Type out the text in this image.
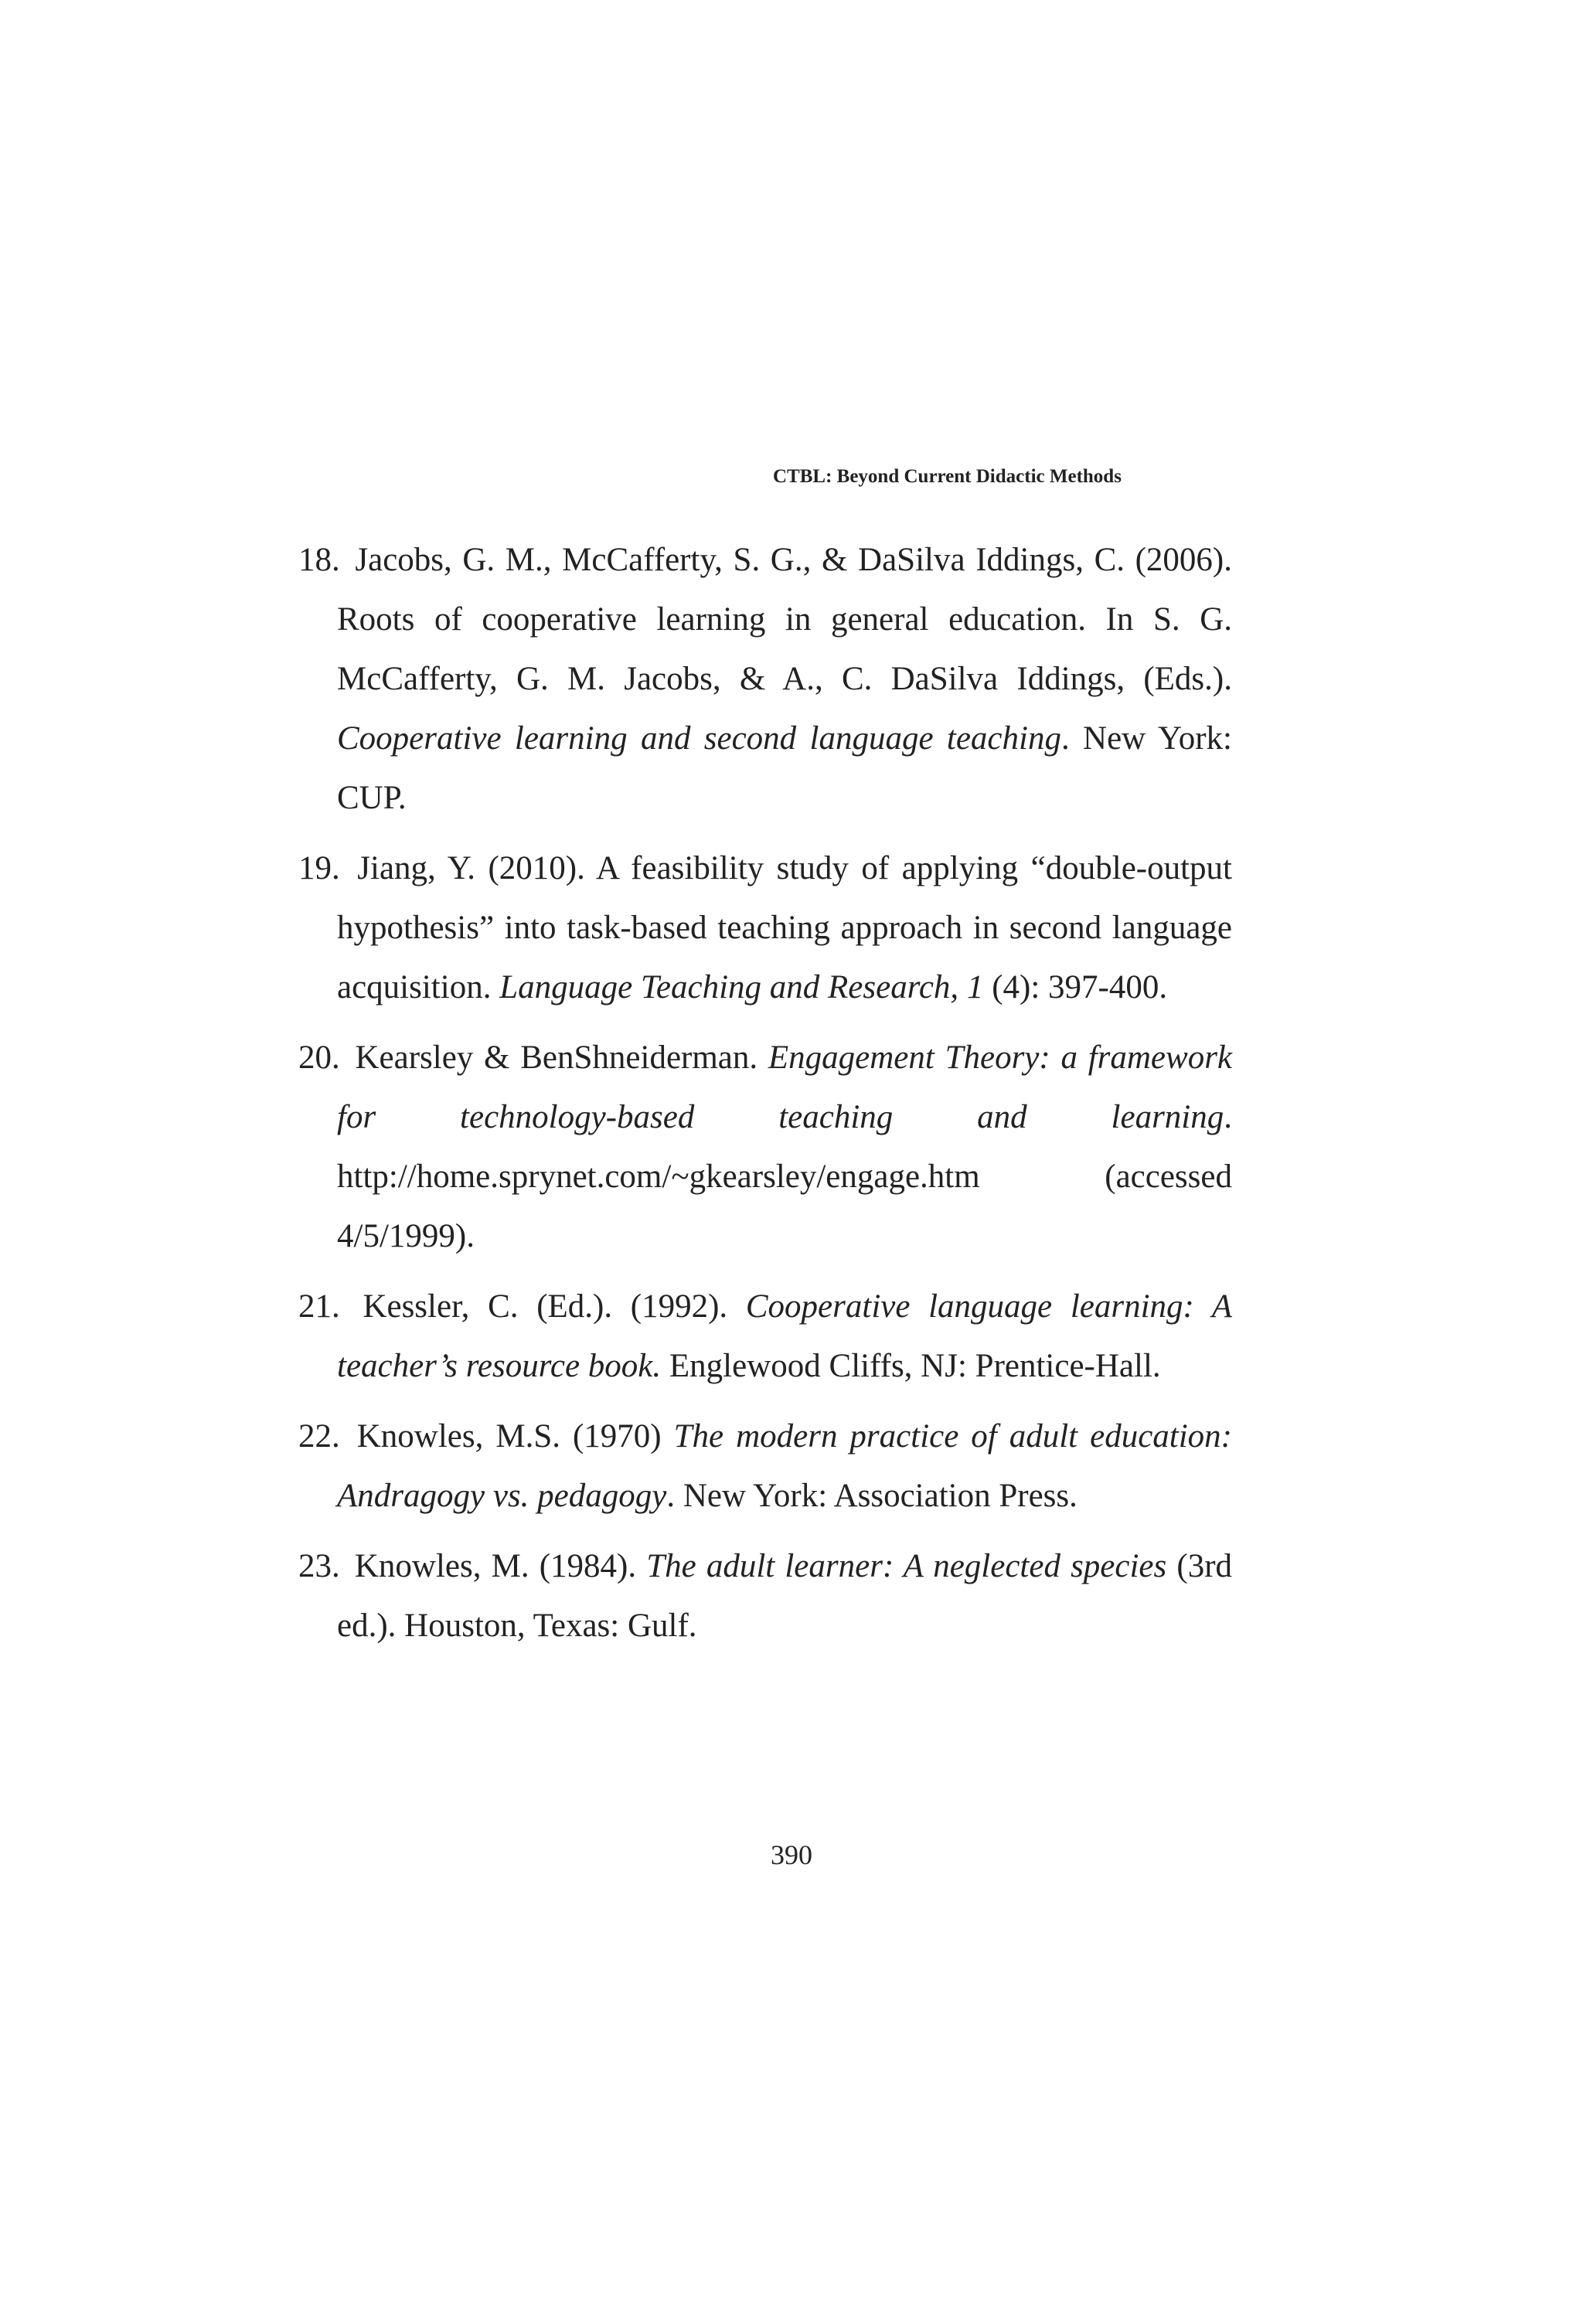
CTBL: Beyond Current Didactic Methods
18. Jacobs, G. M., McCafferty, S. G., & DaSilva Iddings, C. (2006). Roots of cooperative learning in general education. In S. G. McCafferty, G. M. Jacobs, & A., C. DaSilva Iddings, (Eds.). Cooperative learning and second language teaching. New York: CUP.
19. Jiang, Y. (2010). A feasibility study of applying “double-output hypothesis” into task-based teaching approach in second language acquisition. Language Teaching and Research, 1 (4): 397-400.
20. Kearsley & BenShneiderman. Engagement Theory: a framework for technology-based teaching and learning. http://home.sprynet.com/~gkearsley/engage.htm (accessed 4/5/1999).
21. Kessler, C. (Ed.). (1992). Cooperative language learning: A teacher’s resource book. Englewood Cliffs, NJ: Prentice-Hall.
22. Knowles, M.S. (1970) The modern practice of adult education: Andragogy vs. pedagogy. New York: Association Press.
23. Knowles, M. (1984). The adult learner: A neglected species (3rd ed.). Houston, Texas: Gulf.
390
